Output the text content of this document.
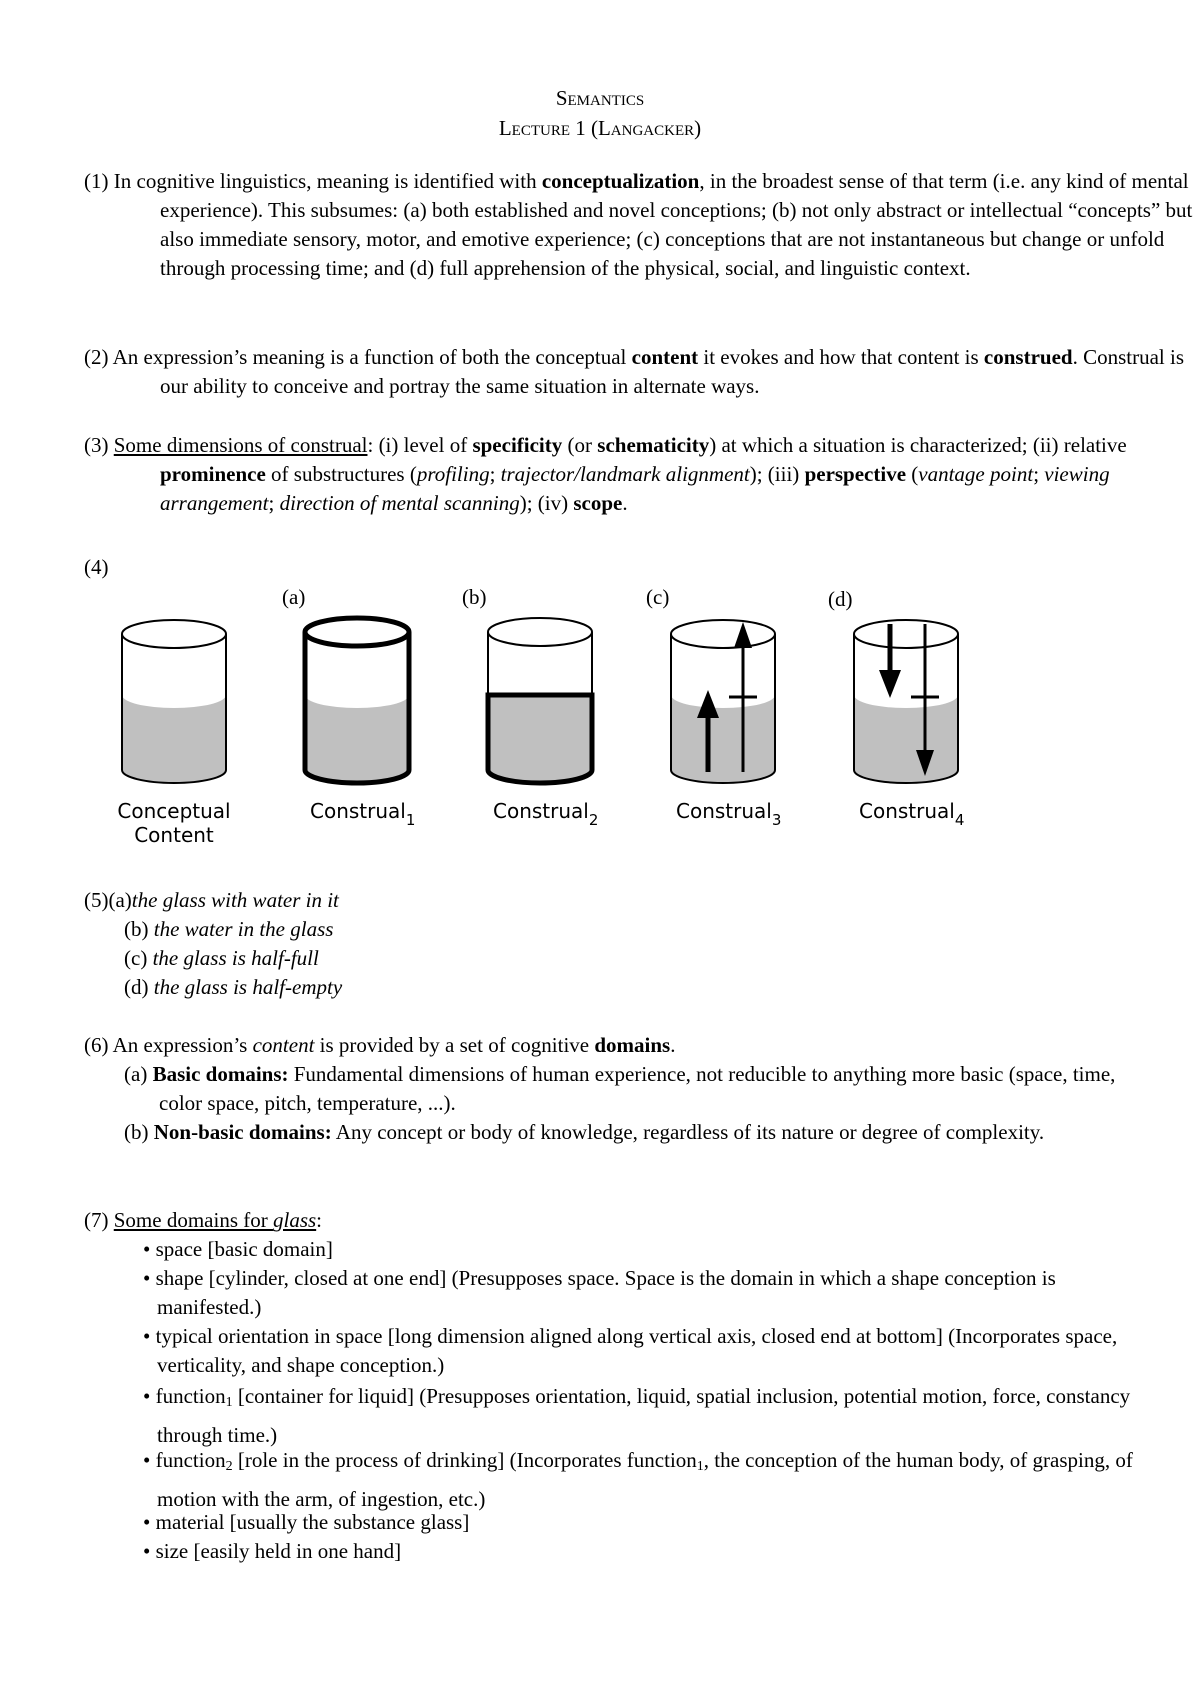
Semantics
Lecture 1 (Langacker)
(1) In cognitive linguistics, meaning is identified with conceptualization, in the broadest sense of that term (i.e. any kind of mental experience). This subsumes: (a) both established and novel conceptions; (b) not only abstract or intellectual “concepts” but also immediate sensory, motor, and emotive experience; (c) conceptions that are not instantaneous but change or unfold through processing time; and (d) full apprehension of the physical, social, and linguistic context.
(2) An expression’s meaning is a function of both the conceptual content it evokes and how that content is construed. Construal is our ability to conceive and portray the same situation in alternate ways.
(3) Some dimensions of construal: (i) level of specificity (or schematicity) at which a situation is characterized; (ii) relative prominence of substructures (profiling; trajector/landmark alignment); (iii) perspective (vantage point; viewing arrangement; direction of mental scanning); (iv) scope.
(4)
(a)	(b)	(c)	(d)
Conceptual
Content
Construal$_1$	Construal$_2$	Construal$_3$	Construal$_4$
(5)(a)the glass with water in it
(b) the water in the glass
(c) the glass is half-full
(d) the glass is half-empty
(6) An expression’s content is provided by a set of cognitive domains.
(a) Basic domains: Fundamental dimensions of human experience, not reducible to anything more basic (space, time, color space, pitch, temperature, ...).
(b) Non-basic domains: Any concept or body of knowledge, regardless of its nature or degree of complexity.
(7) Some domains for glass:
• space [basic domain]
• shape [cylinder, closed at one end] (Presupposes space. Space is the domain in which a shape conception is manifested.)
• typical orientation in space [long dimension aligned along vertical axis, closed end at bottom] (Incorporates space, verticality, and shape conception.)
• function$_1$ [container for liquid] (Presupposes orientation, liquid, spatial inclusion, potential motion, force, constancy through time.)
• function$_2$ [role in the process of drinking] (Incorporates function$_1$, the conception of the human body, of grasping, of motion with the arm, of ingestion, etc.)
• material [usually the substance glass]
• size [easily held in one hand]
